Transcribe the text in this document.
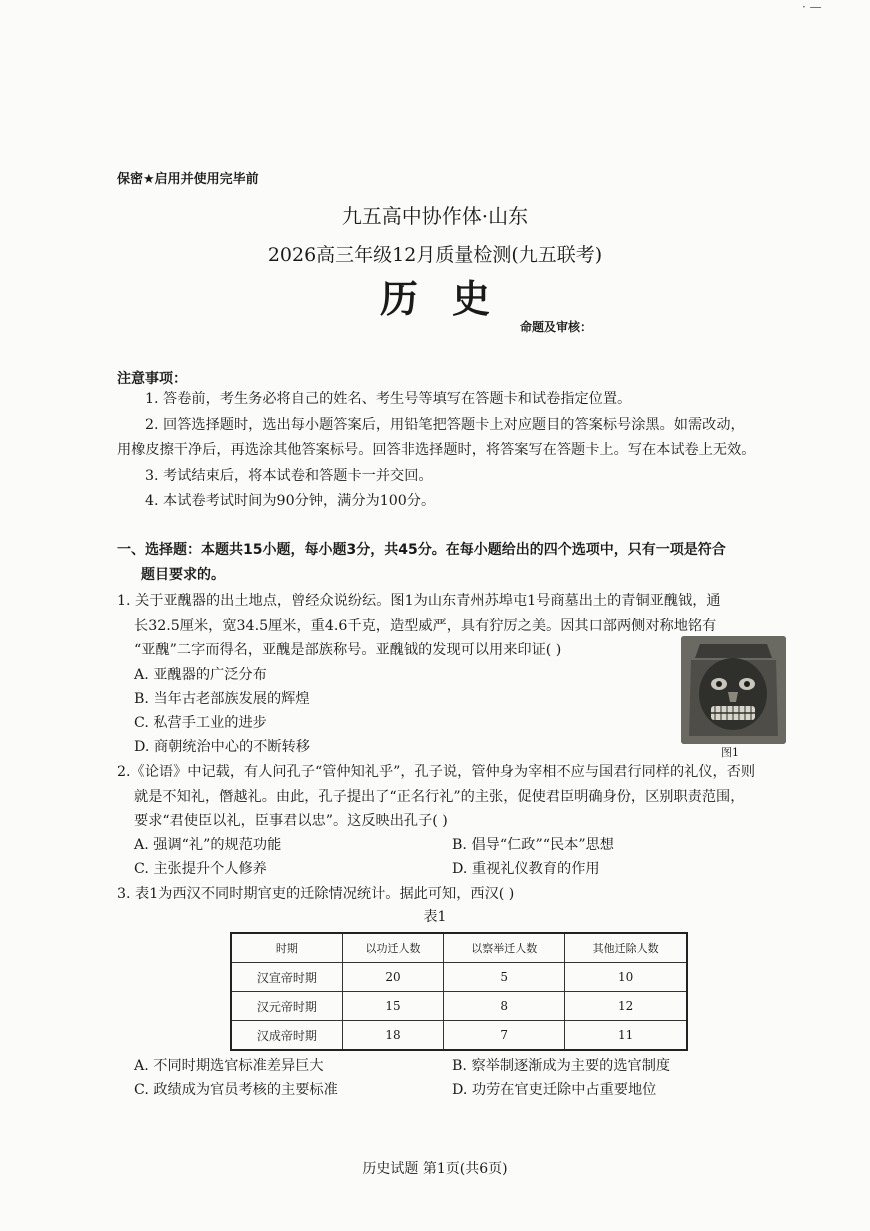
· —
保密★启用并使用完毕前
九五高中协作体·山东
2026高三年级12月质量检测(九五联考)
历史
命题及审核：
注意事项：
1. 答卷前，考生务必将自己的姓名、考生号等填写在答题卡和试卷指定位置。
2. 回答选择题时，选出每小题答案后，用铅笔把答题卡上对应题目的答案标号涂黑。如需改动，
用橡皮擦干净后，再选涂其他答案标号。回答非选择题时，将答案写在答题卡上。写在本试卷上无效。
3. 考试结束后，将本试卷和答题卡一并交回。
4. 本试卷考试时间为90分钟，满分为100分。
一、选择题：本题共15小题，每小题3分，共45分。在每小题给出的四个选项中，只有一项是符合
题目要求的。
1. 关于亚醜器的出土地点，曾经众说纷纭。图1为山东青州苏埠屯1号商墓出土的青铜亚醜钺，通
长32.5厘米，宽34.5厘米，重4.6千克，造型威严，具有狞厉之美。因其口部两侧对称地铭有
“亚醜”二字而得名，亚醜是部族称号。亚醜钺的发现可以用来印证( )
A. 亚醜器的广泛分布
B. 当年古老部族发展的辉煌
C. 私营手工业的进步
D. 商朝统治中心的不断转移	图1
2.《论语》中记载，有人问孔子“管仲知礼乎”，孔子说，管仲身为宰相不应与国君行同样的礼仪，否则
就是不知礼，僭越礼。由此，孔子提出了“正名行礼”的主张，促使君臣明确身份，区别职责范围，
要求“君使臣以礼，臣事君以忠”。这反映出孔子( )
A. 强调“礼”的规范功能	B. 倡导“仁政”“民本”思想
C. 主张提升个人修养	D. 重视礼仪教育的作用
3. 表1为西汉不同时期官吏的迁除情况统计。据此可知，西汉( )
表1
时期	以功迁人数	以察举迁人数	其他迁除人数
汉宣帝时期	20	5	10
汉元帝时期	15	8	12
汉成帝时期	18	7	11
A. 不同时期选官标准差异巨大	B. 察举制逐渐成为主要的选官制度
C. 政绩成为官员考核的主要标准	D. 功劳在官吏迁除中占重要地位
历史试题 第1页(共6页)
